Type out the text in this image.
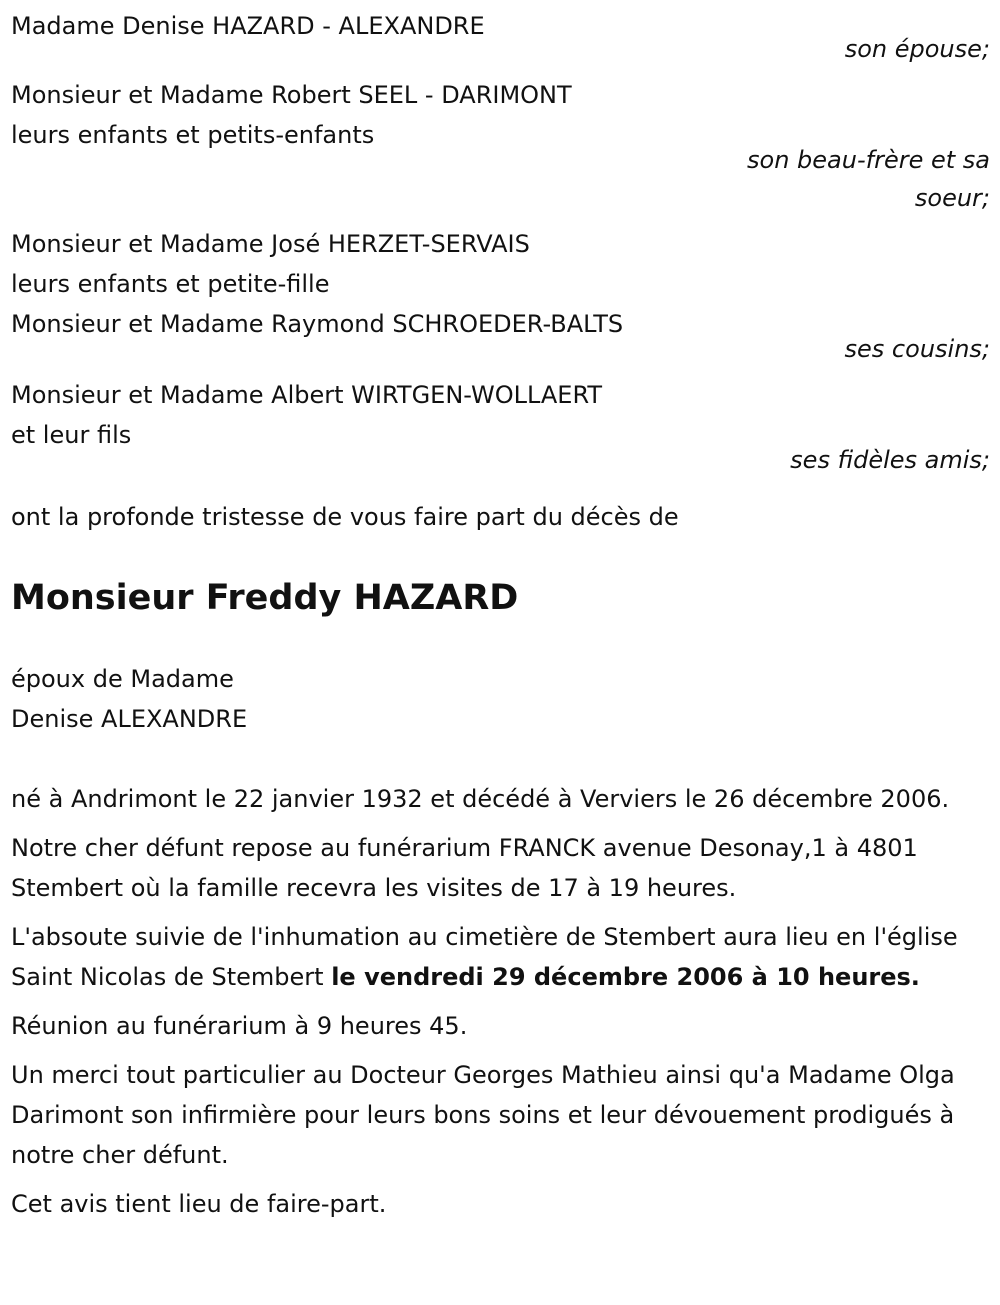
Madame Denise HAZARD - ALEXANDRE
son épouse;
Monsieur et Madame Robert SEEL - DARIMONT
leurs enfants et petits-enfants
son beau-frère et sa
soeur;
Monsieur et Madame José HERZET-SERVAIS
leurs enfants et petite-fille
Monsieur et Madame Raymond SCHROEDER-BALTS
ses cousins;
Monsieur et Madame Albert WIRTGEN-WOLLAERT
et leur fils
ses fidèles amis;
ont la profonde tristesse de vous faire part du décès de
Monsieur Freddy HAZARD
époux de Madame
Denise ALEXANDRE
né à Andrimont le 22 janvier 1932 et décédé à Verviers le 26 décembre 2006.
Notre cher défunt repose au funérarium FRANCK avenue Desonay,1 à 4801 Stembert où la famille recevra les visites de 17 à 19 heures.
L'absoute suivie de l'inhumation au cimetière de Stembert aura lieu en l'église Saint Nicolas de Stembert le vendredi 29 décembre 2006 à 10 heures.
Réunion au funérarium à 9 heures 45.
Un merci tout particulier au Docteur Georges Mathieu ainsi qu'a Madame Olga Darimont son infirmière pour leurs bons soins et leur dévouement prodigués à notre cher défunt.
Cet avis tient lieu de faire-part.
